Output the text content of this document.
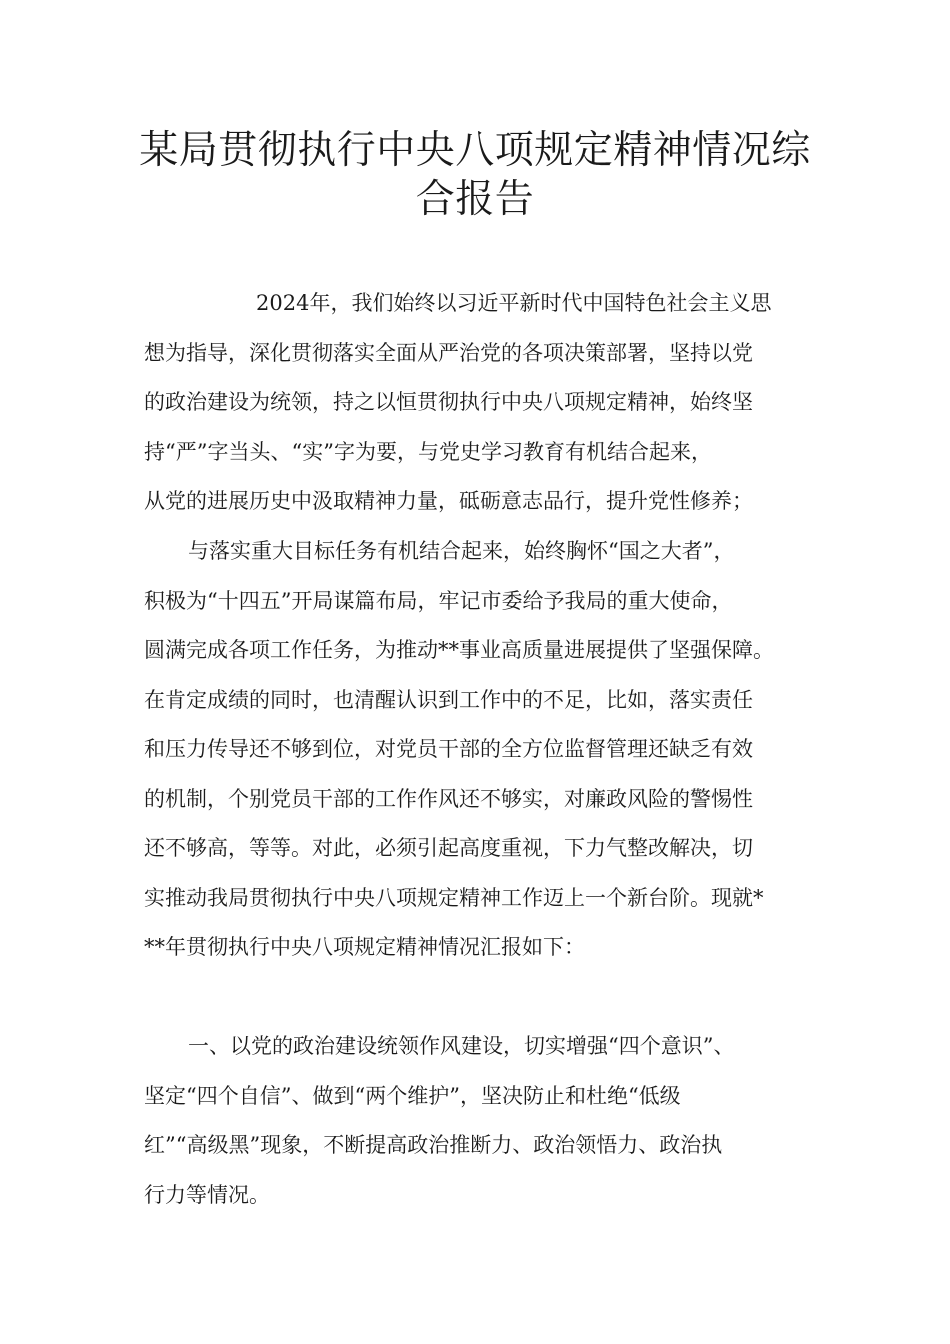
某局贯彻执行中央八项规定精神情况综
合报告
2024年，我们始终以习近平新时代中国特色社会主义思
想为指导，深化贯彻落实全面从严治党的各项决策部署，坚持以党
的政治建设为统领，持之以恒贯彻执行中央八项规定精神，始终坚
持“严”字当头、“实”字为要，与党史学习教育有机结合起来，
从党的进展历史中汲取精神力量，砥砺意志品行，提升党性修养；
与落实重大目标任务有机结合起来，始终胸怀“国之大者”，
积极为“十四五”开局谋篇布局，牢记市委给予我局的重大使命，
圆满完成各项工作任务，为推动**事业高质量进展提供了坚强保障。
在肯定成绩的同时，也清醒认识到工作中的不足，比如，落实责任
和压力传导还不够到位，对党员干部的全方位监督管理还缺乏有效
的机制，个别党员干部的工作作风还不够实，对廉政风险的警惕性
还不够高，等等。对此，必须引起高度重视，下力气整改解决，切
实推动我局贯彻执行中央八项规定精神工作迈上一个新台阶。现就*
**年贯彻执行中央八项规定精神情况汇报如下：
一、以党的政治建设统领作风建设，切实增强“四个意识”、
坚定“四个自信”、做到“两个维护”，坚决防止和杜绝“低级
红”“高级黑”现象，不断提高政治推断力、政治领悟力、政治执
行力等情况。
